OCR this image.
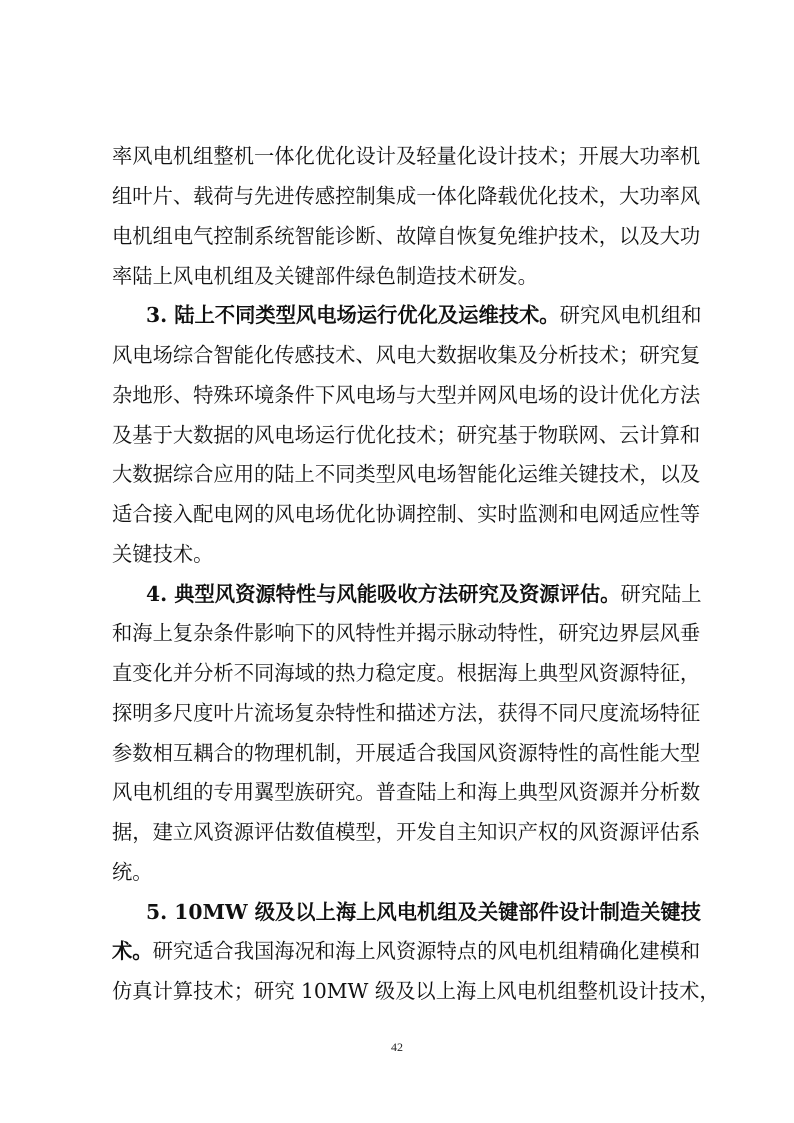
率风电机组整机一体化优化设计及轻量化设计技术；开展大功率机
组叶片、载荷与先进传感控制集成一体化降载优化技术，大功率风
电机组电气控制系统智能诊断、故障自恢复免维护技术，以及大功
率陆上风电机组及关键部件绿色制造技术研发。
3. 陆上不同类型风电场运行优化及运维技术。研究风电机组和
风电场综合智能化传感技术、风电大数据收集及分析技术；研究复
杂地形、特殊环境条件下风电场与大型并网风电场的设计优化方法
及基于大数据的风电场运行优化技术；研究基于物联网、云计算和
大数据综合应用的陆上不同类型风电场智能化运维关键技术，以及
适合接入配电网的风电场优化协调控制、实时监测和电网适应性等
关键技术。
4. 典型风资源特性与风能吸收方法研究及资源评估。研究陆上
和海上复杂条件影响下的风特性并揭示脉动特性，研究边界层风垂
直变化并分析不同海域的热力稳定度。根据海上典型风资源特征，
探明多尺度叶片流场复杂特性和描述方法，获得不同尺度流场特征
参数相互耦合的物理机制，开展适合我国风资源特性的高性能大型
风电机组的专用翼型族研究。普查陆上和海上典型风资源并分析数
据，建立风资源评估数值模型，开发自主知识产权的风资源评估系
统。
5. 10MW 级及以上海上风电机组及关键部件设计制造关键技
术。研究适合我国海况和海上风资源特点的风电机组精确化建模和
仿真计算技术；研究 10MW 级及以上海上风电机组整机设计技术，
42
